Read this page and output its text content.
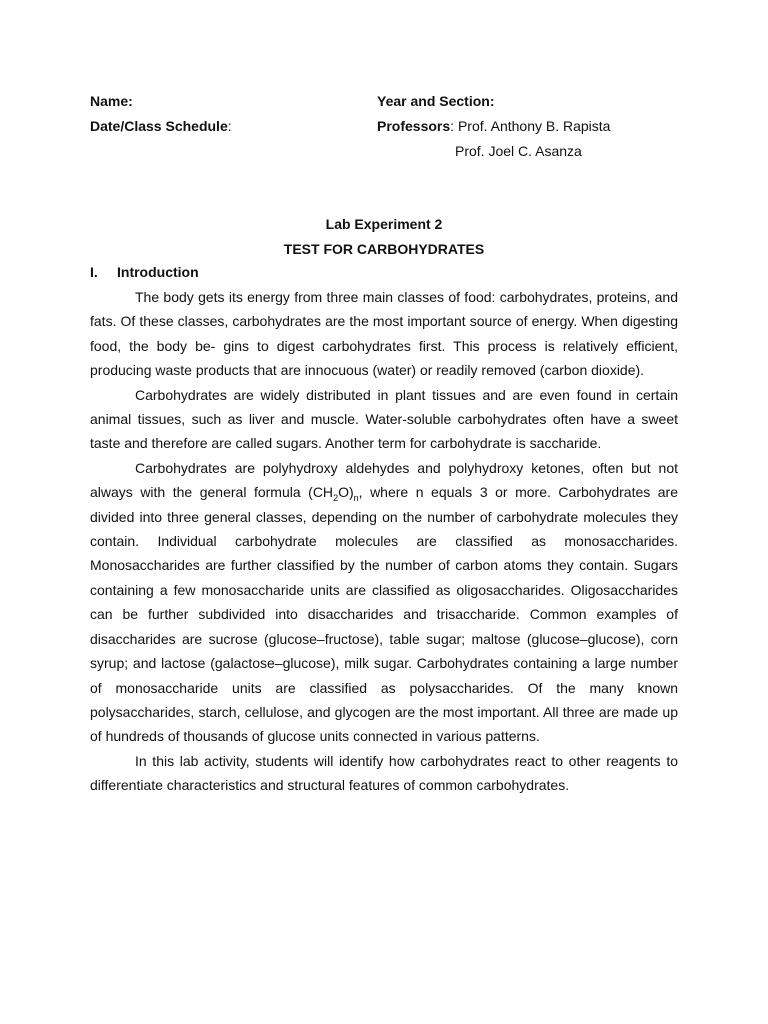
Name:	Year and Section:
Date/Class Schedule:	Professors: Prof. Anthony B. Rapista
Prof. Joel C. Asanza
Lab Experiment 2
TEST FOR CARBOHYDRATES
I. Introduction

The body gets its energy from three main classes of food: carbohydrates, proteins, and fats. Of these classes, carbohydrates are the most important source of energy. When digesting food, the body be- gins to digest carbohydrates first. This process is relatively efficient, producing waste products that are innocuous (water) or readily removed (carbon dioxide).

Carbohydrates are widely distributed in plant tissues and are even found in certain animal tissues, such as liver and muscle. Water-soluble carbohydrates often have a sweet taste and therefore are called sugars. Another term for carbohydrate is saccharide.

Carbohydrates are polyhydroxy aldehydes and polyhydroxy ketones, often but not always with the general formula $(CH_2O)_n$, where n equals 3 or more. Carbohydrates are divided into three general classes, depending on the number of carbohydrate molecules they contain. Individual carbohydrate molecules are classified as monosaccharides. Monosaccharides are further classified by the number of carbon atoms they contain. Sugars containing a few monosaccharide units are classified as oligosaccharides. Oligosaccharides can be further subdivided into disaccharides and trisaccharide. Common examples of disaccharides are sucrose (glucose–fructose), table sugar; maltose (glucose–glucose), corn syrup; and lactose (galactose–glucose), milk sugar. Carbohydrates containing a large number of monosaccharide units are classified as polysaccharides. Of the many known polysaccharides, starch, cellulose, and glycogen are the most important. All three are made up of hundreds of thousands of glucose units connected in various patterns.

In this lab activity, students will identify how carbohydrates react to other reagents to differentiate characteristics and structural features of common carbohydrates.
